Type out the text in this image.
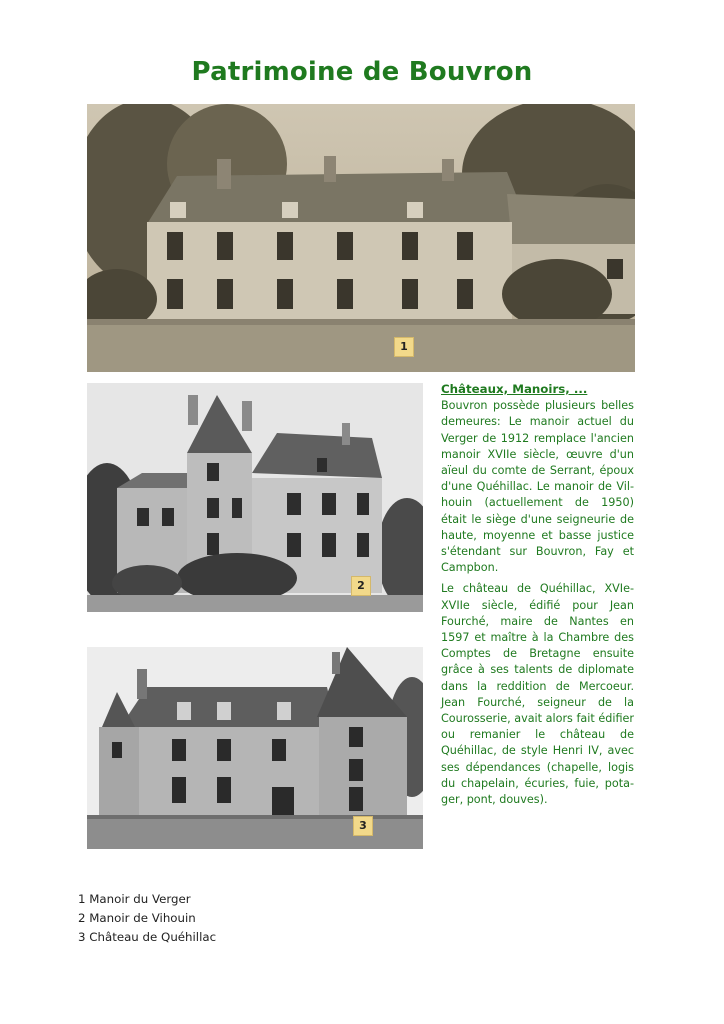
Patrimoine de Bouvron
1
2
3
Châteaux, Manoirs, ...

Bouvron possède plusieurs belles demeures: Le manoir actuel du Verger de 1912 remplace l'ancien manoir XVIIe siècle, œuvre d'un aïeul du comte de Serrant, époux d'une Quéhillac. Le manoir de Vilhouin (actuellement de 1950) était le siège d'une seigneurie de haute, moyenne et basse justice s'étendant sur Bouvron, Fay et Campbon.

Le château de Quéhillac, XVIe-XVIIe siècle, édifié pour Jean Fourché, maire de Nantes en 1597 et maître à la Chambre des Comptes de Bretagne ensuite grâce à ses talents de diplomate dans la reddition de Mercoeur. Jean Fourché, seigneur de la Courosserie, avait alors fait édifier ou remanier le château de Quéhillac, de style Henri IV, avec ses dépendances (chapelle, logis du chapelain, écuries, fuie, potager, pont, douves).

1 Manoir du Verger
2 Manoir de Vihouin
3 Château de Quéhillac
